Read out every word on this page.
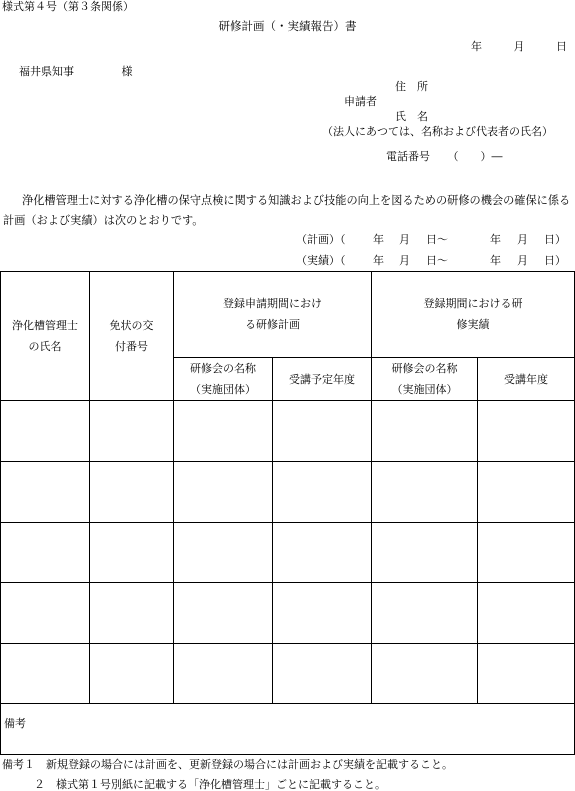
様式第４号（第３条関係）
研修計画（・実績報告）書
年	月	日
福井県知事	様
住　所
申請者
氏　名
（法人にあつては、名称および代表者の氏名）
電話番号 （　　）―
浄化槽管理士に対する浄化槽の保守点検に関する知識および技能の向上を図るための研修の機会の確保に係る計画（および実績）は次のとおりです。
（計画）（	年 月 日～	年 月 日）
（実績）（	年 月 日～	年 月 日）
浄化槽管理士の氏名	免状の交付番号	登録申請期間における研修計画		登録期間における研修実績	
		研修会の名称（実施団体）	受講予定年度	研修会の名称（実施団体）	受講年度

備考					
備考１　新規登録の場合には計画を、更新登録の場合には計画および実績を記載すること。
２　様式第１号別紙に記載する「浄化槽管理士」ごとに記載すること。
